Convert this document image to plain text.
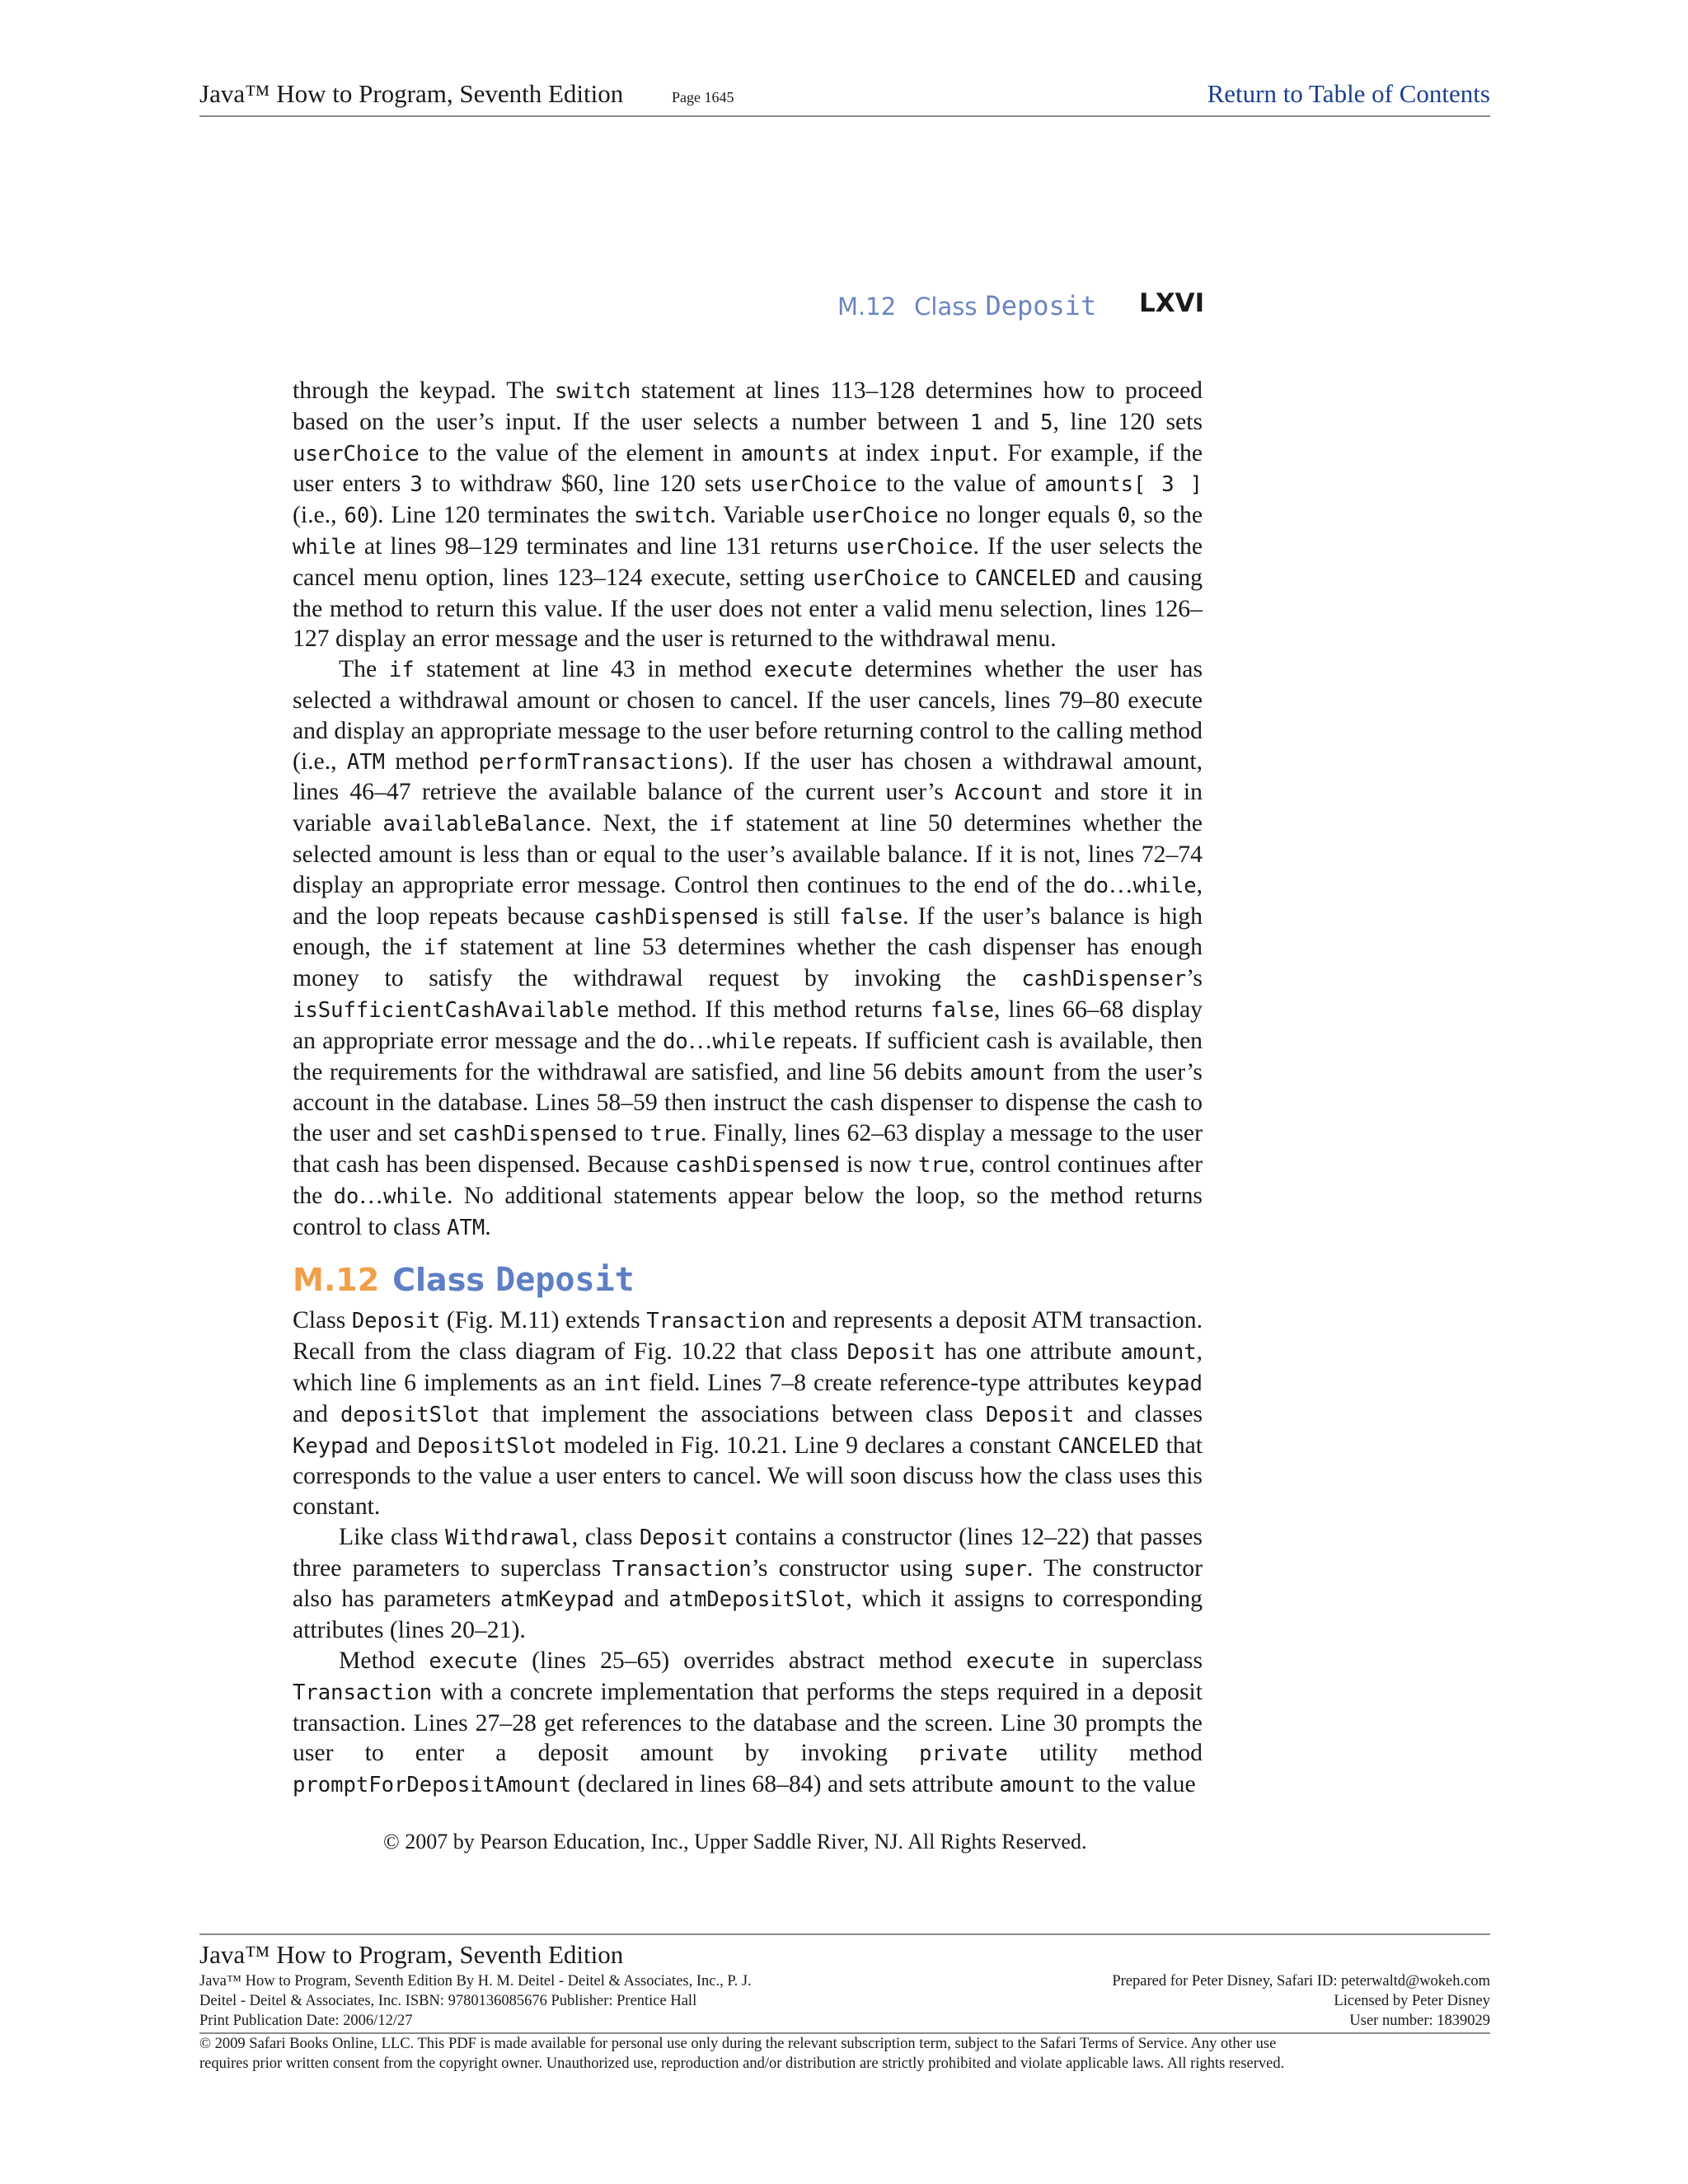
Java™ How to Program, Seventh Edition	Page 1645	Return to Table of Contents
M.12 Class Deposit LXVI

through the keypad. The switch statement at lines 113–128 determines how to proceed based on the user’s input. If the user selects a number between 1 and 5, line 120 sets userChoice to the value of the element in amounts at index input. For example, if the user enters 3 to withdraw $60, line 120 sets userChoice to the value of amounts[ 3 ] (i.e., 60). Line 120 terminates the switch. Variable userChoice no longer equals 0, so the while at lines 98–129 terminates and line 131 returns userChoice. If the user selects the cancel menu option, lines 123–124 execute, setting userChoice to CANCELED and causing the method to return this value. If the user does not enter a valid menu selection, lines 126–127 display an error message and the user is returned to the withdrawal menu.

The if statement at line 43 in method execute determines whether the user has selected a withdrawal amount or chosen to cancel. If the user cancels, lines 79–80 execute and display an appropriate message to the user before returning control to the calling method (i.e., ATM method performTransactions). If the user has chosen a withdrawal amount, lines 46–47 retrieve the available balance of the current user’s Account and store it in variable availableBalance. Next, the if statement at line 50 determines whether the selected amount is less than or equal to the user’s available balance. If it is not, lines 72–74 display an appropriate error message. Control then continues to the end of the do…while, and the loop repeats because cashDispensed is still false. If the user’s balance is high enough, the if statement at line 53 determines whether the cash dispenser has enough money to satisfy the withdrawal request by invoking the cashDispenser’s isSufficientCashAvailable method. If this method returns false, lines 66–68 display an appropriate error message and the do…while repeats. If sufficient cash is available, then the requirements for the withdrawal are satisfied, and line 56 debits amount from the user’s account in the database. Lines 58–59 then instruct the cash dispenser to dispense the cash to the user and set cashDispensed to true. Finally, lines 62–63 display a message to the user that cash has been dispensed. Because cashDispensed is now true, control continues after the do…while. No additional statements appear below the loop, so the method returns control to class ATM.

M.12 Class Deposit

Class Deposit (Fig. M.11) extends Transaction and represents a deposit ATM transaction. Recall from the class diagram of Fig. 10.22 that class Deposit has one attribute amount, which line 6 implements as an int field. Lines 7–8 create reference-type attributes keypad and depositSlot that implement the associations between class Deposit and classes Keypad and DepositSlot modeled in Fig. 10.21. Line 9 declares a constant CANCELED that corresponds to the value a user enters to cancel. We will soon discuss how the class uses this constant.

Like class Withdrawal, class Deposit contains a constructor (lines 12–22) that passes three parameters to superclass Transaction’s constructor using super. The constructor also has parameters atmKeypad and atmDepositSlot, which it assigns to corresponding attributes (lines 20–21).

Method execute (lines 25–65) overrides abstract method execute in superclass Transaction with a concrete implementation that performs the steps required in a deposit transaction. Lines 27–28 get references to the database and the screen. Line 30 prompts the user to enter a deposit amount by invoking private utility method promptForDepositAmount (declared in lines 68–84) and sets attribute amount to the value

© 2007 by Pearson Education, Inc., Upper Saddle River, NJ. All Rights Reserved.
Java™ How to Program, Seventh Edition
Java™ How to Program, Seventh Edition By H. M. Deitel - Deitel & Associates, Inc., P. J.	Prepared for Peter Disney, Safari ID: peterwaltd@wokeh.com
Deitel - Deitel & Associates, Inc. ISBN: 9780136085676 Publisher: Prentice Hall	Licensed by Peter Disney
Print Publication Date: 2006/12/27	User number: 1839029
© 2009 Safari Books Online, LLC. This PDF is made available for personal use only during the relevant subscription term, subject to the Safari Terms of Service. Any other use
requires prior written consent from the copyright owner. Unauthorized use, reproduction and/or distribution are strictly prohibited and violate applicable laws. All rights reserved.
